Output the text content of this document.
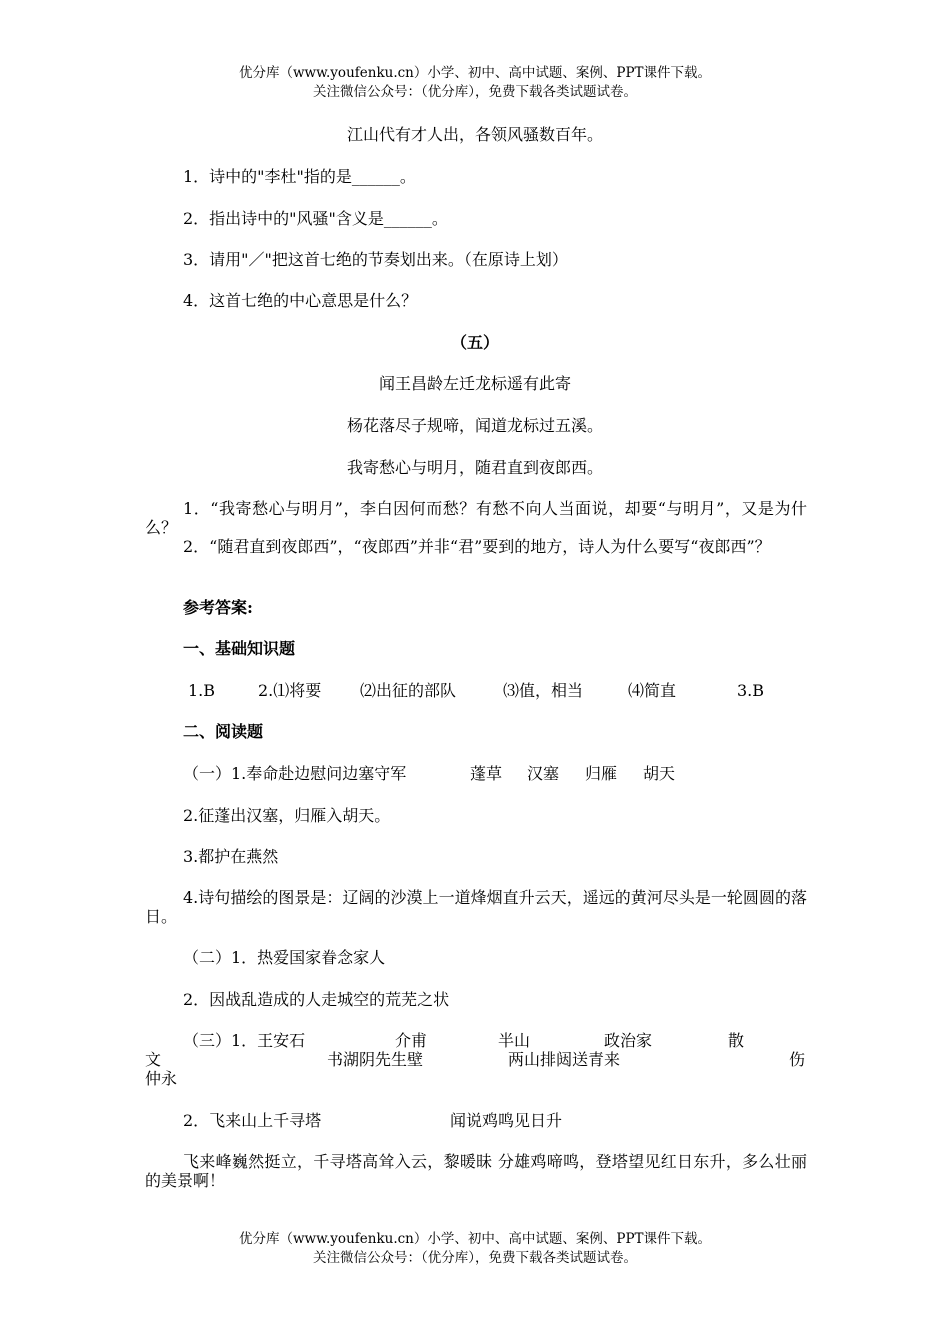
优分库（www.youfenku.cn）小学、初中、高中试题、案例、PPT课件下载。
关注微信公众号：（优分库），免费下载各类试题试卷。
江山代有才人出，各领风骚数百年。
1．诗中的"李杜"指的是______。
2．指出诗中的"风骚"含义是______。
3．请用"／"把这首七绝的节奏划出来。（在原诗上划）
4．这首七绝的中心意思是什么？
（五）
闻王昌龄左迁龙标遥有此寄
杨花落尽子规啼，闻道龙标过五溪。
我寄愁心与明月，随君直到夜郎西。
1．“我寄愁心与明月”，李白因何而愁？有愁不向人当面说，却要“与明月”，又是为什么？
2．“随君直到夜郎西”，“夜郎西”并非“君”要到的地方，诗人为什么要写“夜郎西”？
参考答案:
一、基础知识题
1.B	2.⑴将要 ⑵出征的部队	⑶值，相当	⑷简直	3.B
二、阅读题
（一）1.奉命赴边慰问边塞守军	蓬草 汉塞 归雁 胡天
2.征蓬出汉塞，归雁入胡天。
3.都护在燕然
4.诗句描绘的图景是：辽阔的沙漠上一道烽烟直升云天，遥远的黄河尽头是一轮圆圆的落日。
（二）1．热爱国家眷念家人
2．因战乱造成的人走城空的荒芜之状
（三）1．王安石	介甫	半山	政治家	散
文	书湖阴先生壁	两山排闼送青来	伤
仲永
2．飞来山上千寻塔	闻说鸡鸣见日升
飞来峰巍然挺立，千寻塔高耸入云，黎暖昧 分雄鸡啼鸣，登塔望见红日东升，多么壮丽的美景啊！
优分库（www.youfenku.cn）小学、初中、高中试题、案例、PPT课件下载。
关注微信公众号：（优分库），免费下载各类试题试卷。
